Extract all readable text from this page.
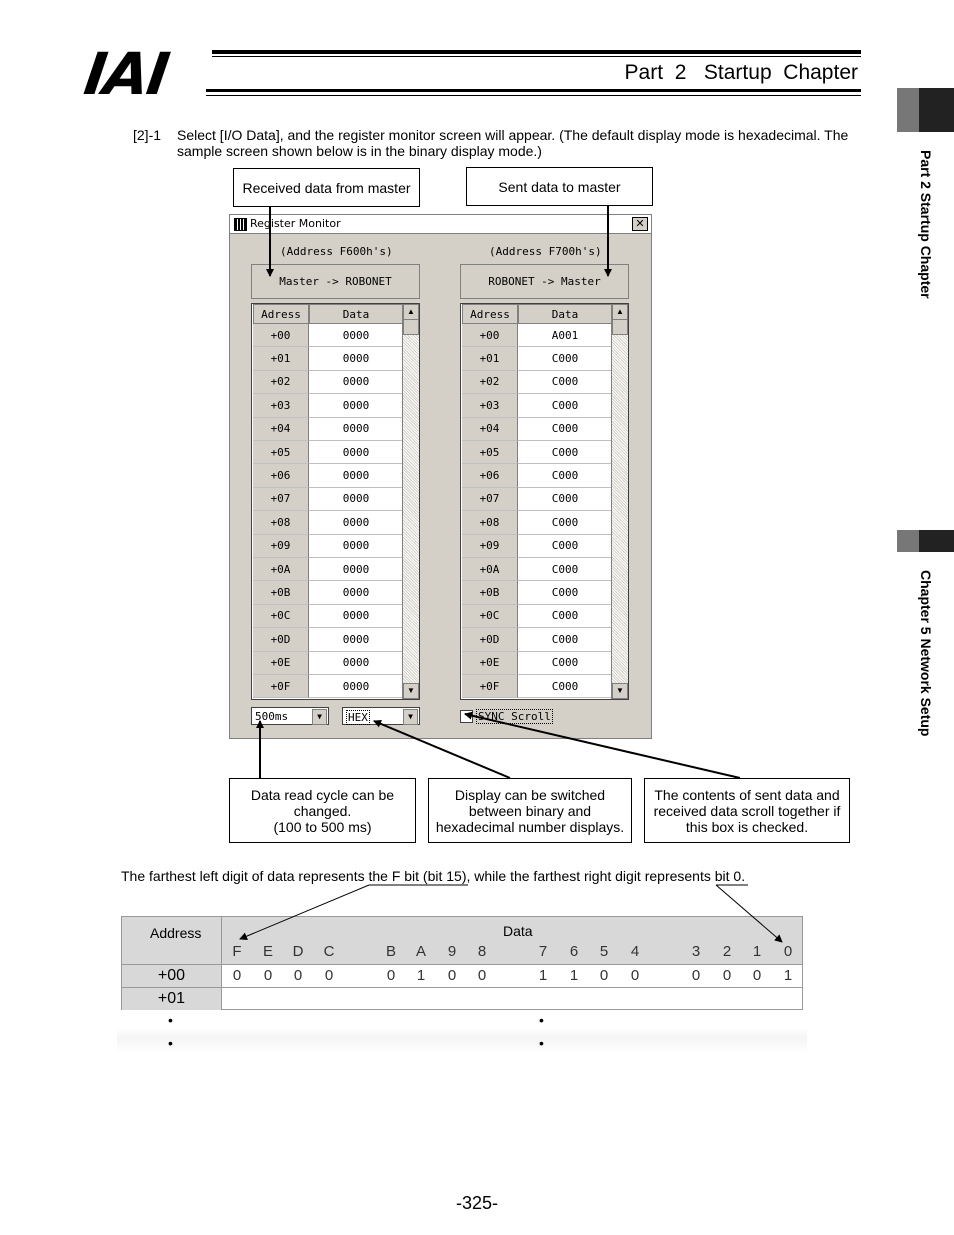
IAI	Part  2   Startup  Chapter
Part 2 Startup Chapter
Chapter 5 Network Setup
[2]-1 Select [I/O Data], and the register monitor screen will appear. (The default display mode is hexadecimal. The sample screen shown below is in the binary display mode.)
Received data from master	Sent data to master
Register Monitor	✕
(Address F600h's)
Master -> ROBONET
Adress	Data
+00	0000
+01	0000
+02	0000
+03	0000
+04	0000
+05	0000
+06	0000
+07	0000
+08	0000
+09	0000
+0A	0000
+0B	0000
+0C	0000
+0D	0000
+0E	0000
+0F	0000
▲
▼
(Address F700h's)
ROBONET -> Master
Adress	Data
+00	A001
+01	C000
+02	C000
+03	C000
+04	C000
+05	C000
+06	C000
+07	C000
+08	C000
+09	C000
+0A	C000
+0B	C000
+0C	C000
+0D	C000
+0E	C000
+0F	C000
▲
▼
500ms	▼	HEX	▼	SYNC Scroll
Data read cycle can be
changed.
(100 to 500 ms)
Display can be switched
between binary and
hexadecimal number displays.
The contents of sent data and
received data scroll together if
this box is checked.
The farthest left digit of data represents the F bit (bit 15), while the farthest right digit represents bit 0.
Address	Data
F E D C	B A 9 8	7 6 5 4	3 2 1 0
+00	0 0 0 0	0 1 0 0	1 1 0 0	0 0 0 1
+01
•	•
•	•
-325-
